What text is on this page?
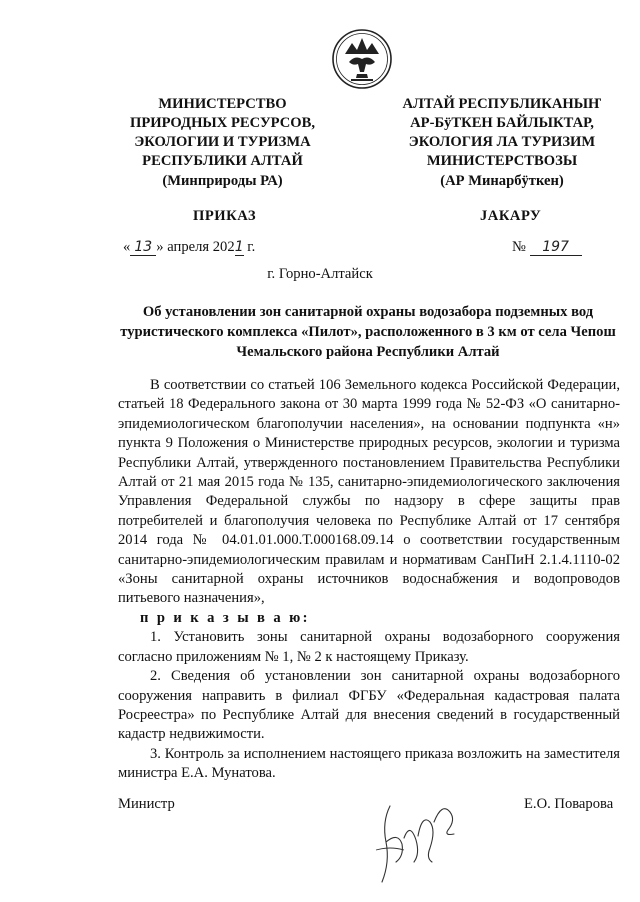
МИНИСТЕРСТВО
ПРИРОДНЫХ РЕСУРСОВ,
ЭКОЛОГИИ И ТУРИЗМА
РЕСПУБЛИКИ АЛТАЙ
(Минприроды РА)
АЛТАЙ РЕСПУБЛИКАНЫҤ
АР-БÿТКЕН БАЙЛЫКТАР,
ЭКОЛОГИЯ ЛА ТУРИЗИМ
МИНИСТЕРСТВОЗЫ
(АР Минарбÿткен)
ПРИКАЗ	ЈАКАРУ
« 13 » апреля 2021 г.	№ 197
г. Горно-Алтайск
Об установлении зон санитарной охраны водозабора подземных вод туристического комплекса «Пилот», расположенного в 3 км от села Чепош Чемальского района Республики Алтай

В соответствии со статьей 106 Земельного кодекса Российской Федерации, статьей 18 Федерального закона от 30 марта 1999 года № 52-ФЗ «О санитарно-эпидемиологическом благополучии населения», на основании подпункта «н» пункта 9 Положения о Министерстве природных ресурсов, экологии и туризма Республики Алтай, утвержденного постановлением Правительства Республики Алтай от 21 мая 2015 года № 135, санитарно-эпидемиологического заключения Управления Федеральной службы по надзору в сфере защиты прав потребителей и благополучия человека по Республике Алтай от 17 сентября 2014 года № 04.01.01.000.Т.000168.09.14 о соответствии государственным санитарно-эпидемиологическим правилам и нормативам СанПиН 2.1.4.1110-02 «Зоны санитарной охраны источников водоснабжения и водопроводов питьевого назначения»,

п р и к а з ы в а ю:

1. Установить зоны санитарной охраны водозаборного сооружения согласно приложениям № 1, № 2 к настоящему Приказу.

2. Сведения об установлении зон санитарной охраны водозаборного сооружения направить в филиал ФГБУ «Федеральная кадастровая палата Росреестра» по Республике Алтай для внесения сведений в государственный кадастр недвижимости.

3. Контроль за исполнением настоящего приказа возложить на заместителя министра Е.А. Мунатова.

Министр	Е.О. Поварова
